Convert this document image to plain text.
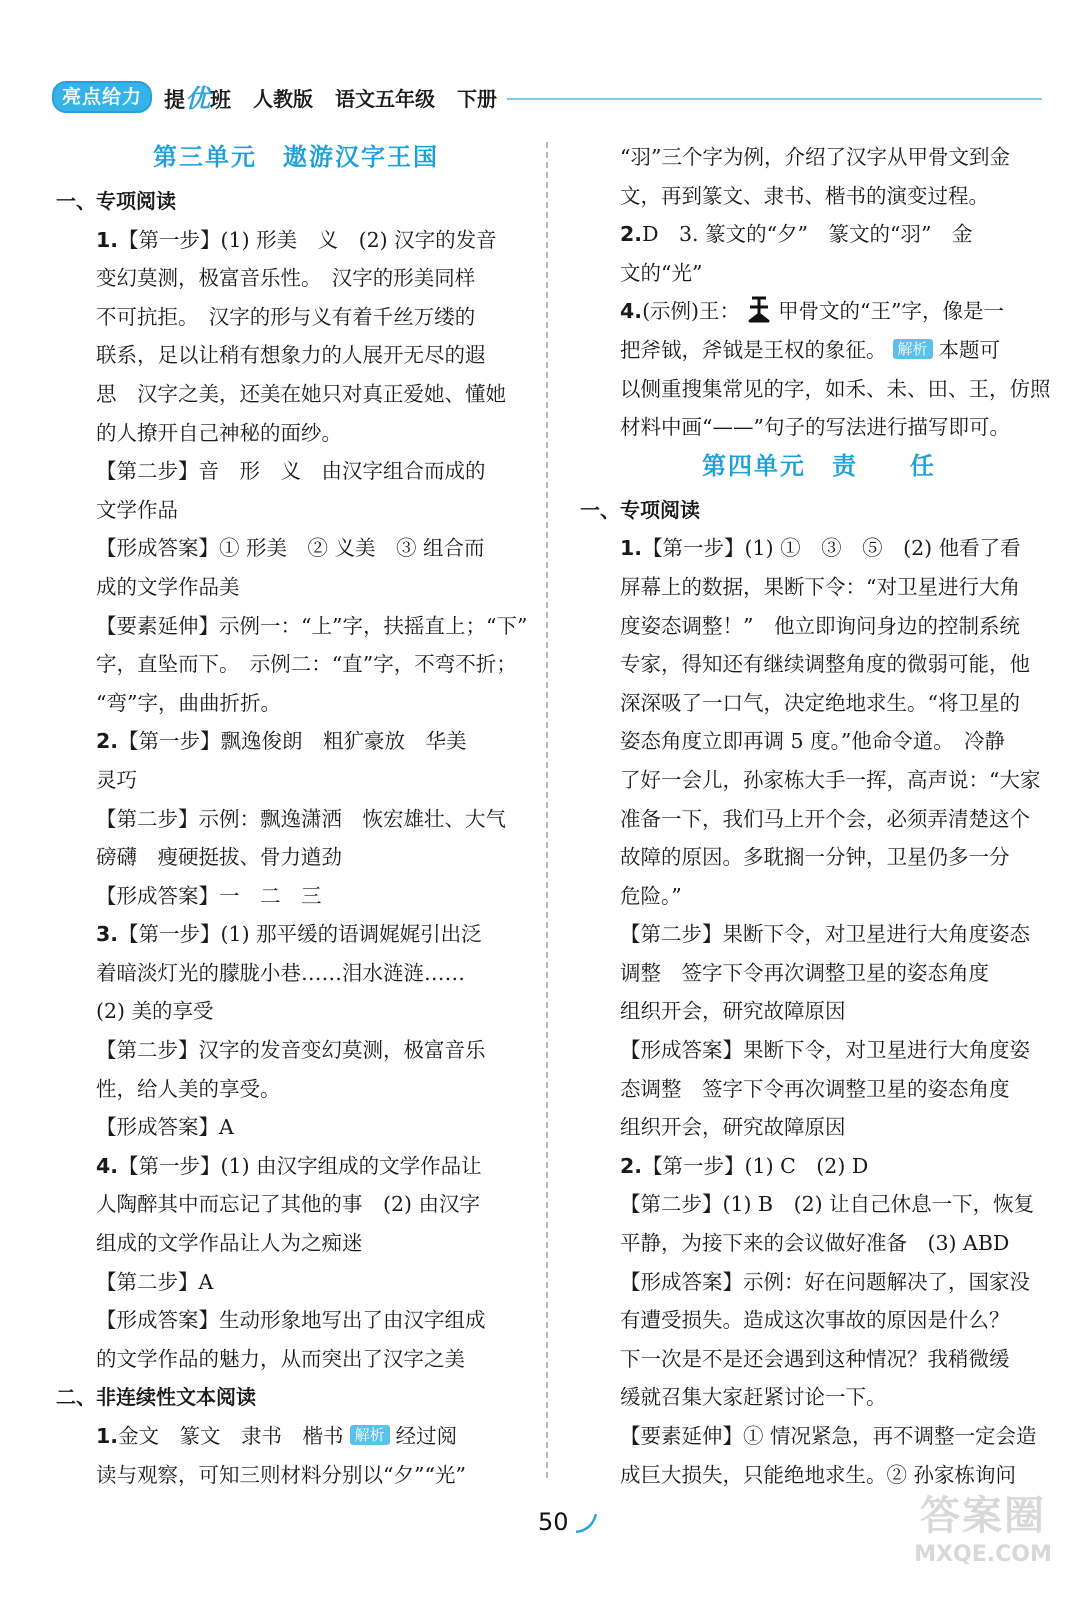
亮点给力	提优班 人教版 语文五年级 下册
第三单元　遨游汉字王国
一、专项阅读
1.【第一步】(1) 形美　义　(2) 汉字的发音
变幻莫测，极富音乐性。　汉字的形美同样
不可抗拒。　汉字的形与义有着千丝万缕的
联系，足以让稍有想象力的人展开无尽的遐
思　汉字之美，还美在她只对真正爱她、懂她
的人撩开自己神秘的面纱。
【第二步】音　形　义　由汉字组合而成的
文学作品
【形成答案】① 形美　② 义美　③ 组合而
成的文学作品美
【要素延伸】示例一：“上”字，扶摇直上；“下”
字，直坠而下。　示例二：“直”字，不弯不折；
“弯”字，曲曲折折。
2.【第一步】飘逸俊朗　粗犷豪放　华美
灵巧
【第二步】示例：飘逸潇洒　恢宏雄壮、大气
磅礴　瘦硬挺拔、骨力遒劲
【形成答案】一　二　三
3.【第一步】(1) 那平缓的语调娓娓引出泛
着暗淡灯光的朦胧小巷……泪水涟涟……
(2) 美的享受
【第二步】汉字的发音变幻莫测，极富音乐
性，给人美的享受。
【形成答案】A
4.【第一步】(1) 由汉字组成的文学作品让
人陶醉其中而忘记了其他的事　(2) 由汉字
组成的文学作品让人为之痴迷
【第二步】A
【形成答案】生动形象地写出了由汉字组成
的文学作品的魅力，从而突出了汉字之美
二、非连续性文本阅读
1.金文　篆文　隶书　楷书 解析 经过阅
读与观察，可知三则材料分别以“夕”“光”
“羽”三个字为例，介绍了汉字从甲骨文到金
文，再到篆文、隶书、楷书的演变过程。
2.D　3. 篆文的“夕”　篆文的“羽”　金
文的“光”
4.(示例)王： 甲骨文的“王”字，像是一
把斧钺，斧钺是王权的象征。 解析 本题可
以侧重搜集常见的字，如禾、未、田、王，仿照
材料中画“——”句子的写法进行描写即可。
第四单元　责　　任
一、专项阅读
1.【第一步】(1) ①　③　⑤　(2) 他看了看
屏幕上的数据，果断下令：“对卫星进行大角
度姿态调整！”　他立即询问身边的控制系统
专家，得知还有继续调整角度的微弱可能，他
深深吸了一口气，决定绝地求生。“将卫星的
姿态角度立即再调 5 度。”他命令道。　冷静
了好一会儿，孙家栋大手一挥，高声说：“大家
准备一下，我们马上开个会，必须弄清楚这个
故障的原因。多耽搁一分钟，卫星仍多一分
危险。”
【第二步】果断下令，对卫星进行大角度姿态
调整　签字下令再次调整卫星的姿态角度
组织开会，研究故障原因
【形成答案】果断下令，对卫星进行大角度姿
态调整　签字下令再次调整卫星的姿态角度
组织开会，研究故障原因
2.【第一步】(1) C　(2) D
【第二步】(1) B　(2) 让自己休息一下，恢复
平静，为接下来的会议做好准备　(3) ABD
【形成答案】示例：好在问题解决了，国家没
有遭受损失。造成这次事故的原因是什么？
下一次是不是还会遇到这种情况？我稍微缓
缓就召集大家赶紧讨论一下。
【要素延伸】① 情况紧急，再不调整一定会造
成巨大损失，只能绝地求生。② 孙家栋询问
50	答案圈
MXQE.COM
